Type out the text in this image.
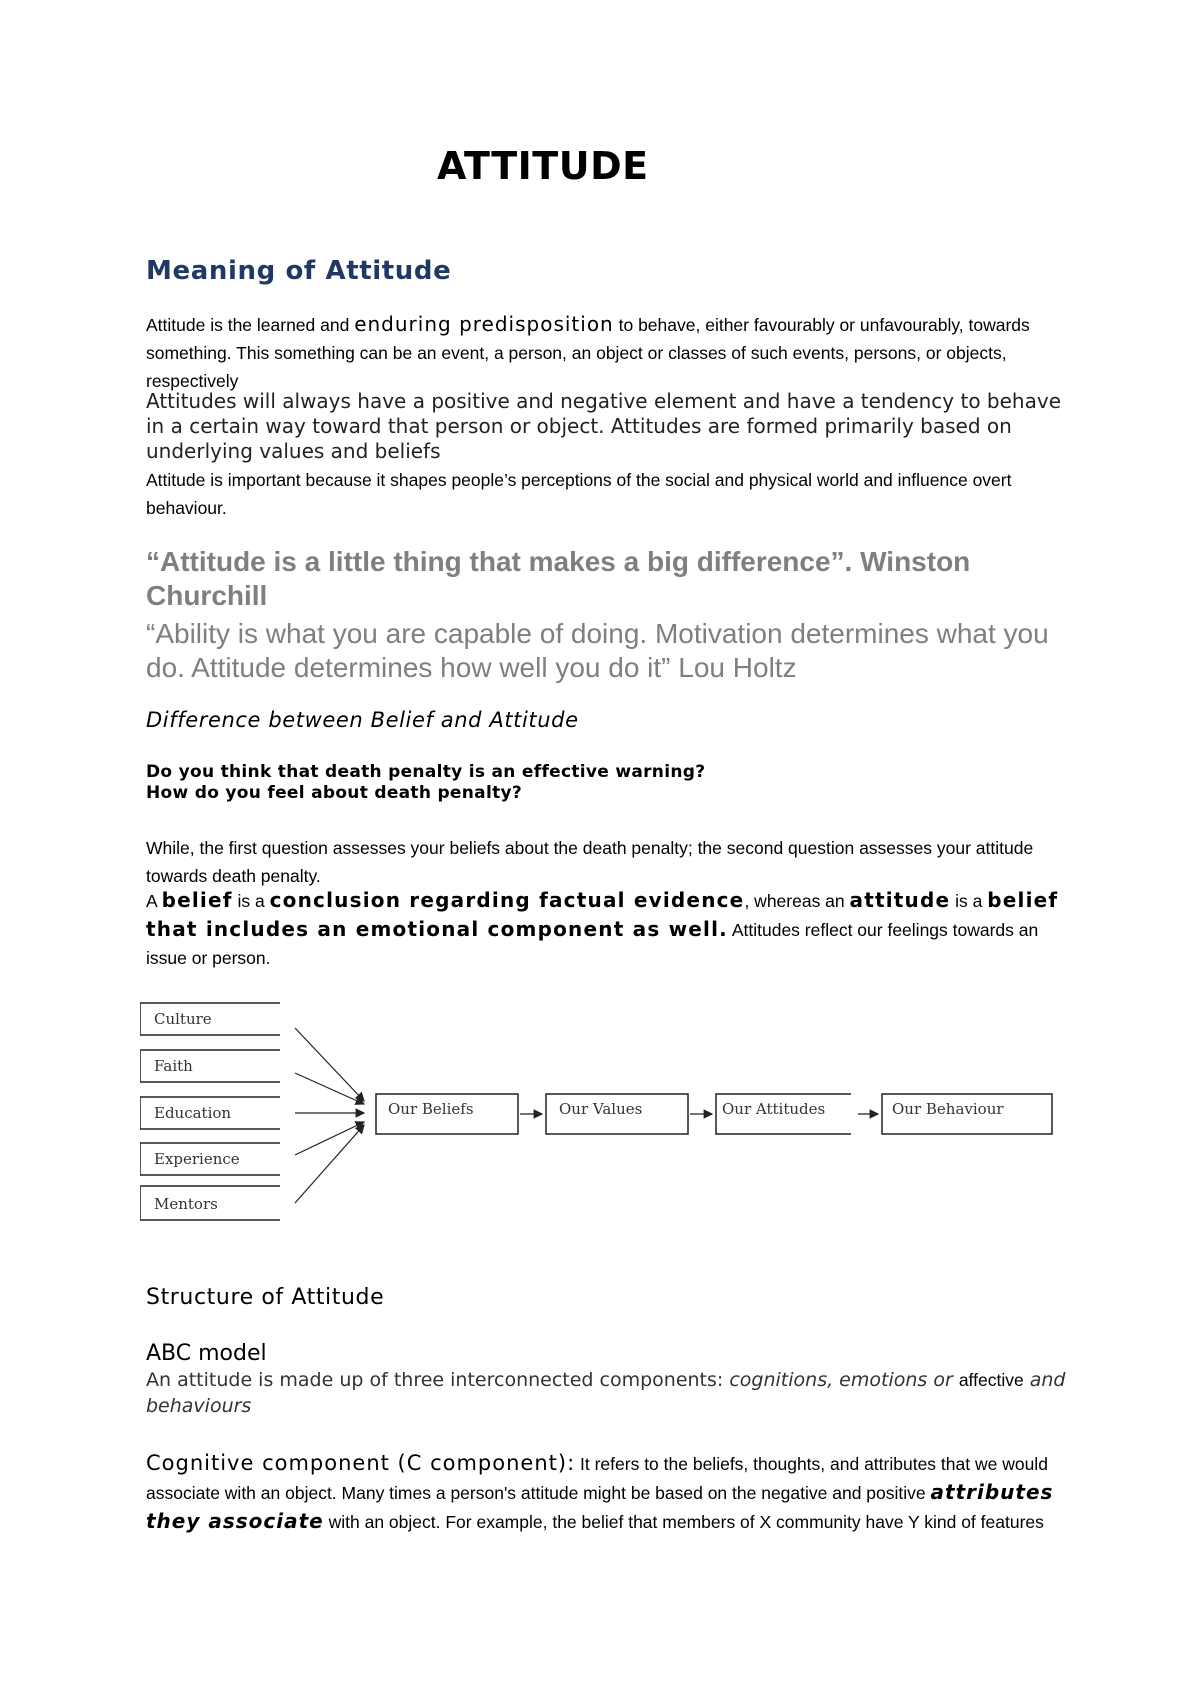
ATTITUDE
Meaning of Attitude
Attitude is the learned and enduring predisposition to behave, either favourably or unfavourably, towards something. This something can be an event, a person, an object or classes of such events, persons, or objects, respectively
Attitudes will always have a positive and negative element and have a tendency to behave in a certain way toward that person or object. Attitudes are formed primarily based on underlying values and beliefs
Attitude is important because it shapes people’s perceptions of the social and physical world and influence overt behaviour.
“Attitude is a little thing that makes a big difference”. Winston Churchill
“Ability is what you are capable of doing. Motivation determines what you do. Attitude determines how well you do it” Lou Holtz
Difference between Belief and Attitude
Do you think that death penalty is an effective warning?
How do you feel about death penalty?
While, the first question assesses your beliefs about the death penalty; the second question assesses your attitude towards death penalty.
A belief is a conclusion regarding factual evidence, whereas an attitude is a belief that includes an emotional component as well. Attitudes reflect our feelings towards an issue or person.
Culture
Faith
Education
Experience
Mentors
Our Beliefs	Our Values	Our Attitudes	Our Behaviour
Structure of Attitude
ABC model
An attitude is made up of three interconnected components: cognitions, emotions or affective and behaviours
Cognitive component (C component): It refers to the beliefs, thoughts, and attributes that we would associate with an object. Many times a person's attitude might be based on the negative and positive attributes they associate with an object. For example, the belief that members of X community have Y kind of features
